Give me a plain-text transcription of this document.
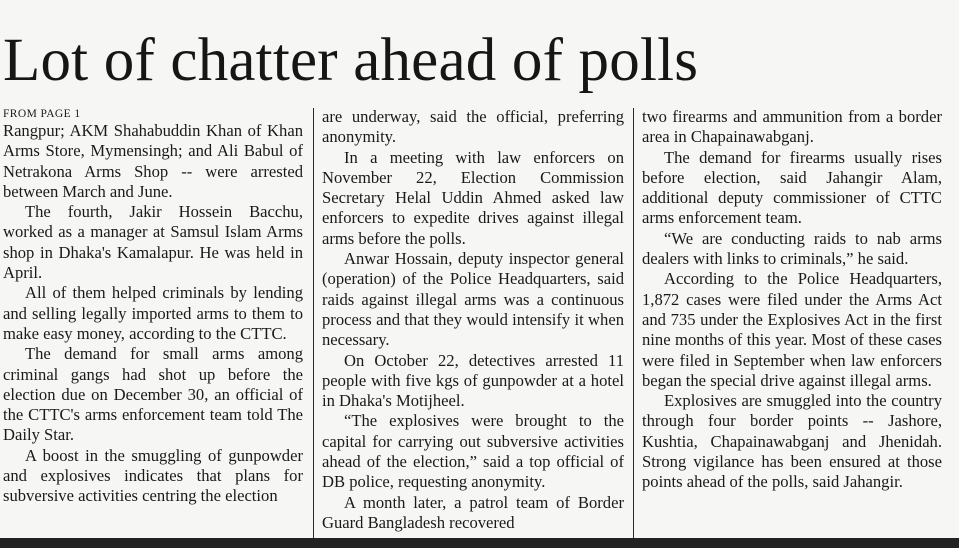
Lot of chatter ahead of polls
FROM PAGE 1

Rangpur; AKM Shahabuddin Khan of Khan Arms Store, Mymensingh; and Ali Babul of Netrakona Arms Shop -- were arrested between March and June.

The fourth, Jakir Hossein Bacchu, worked as a manager at Samsul Islam Arms shop in Dhaka's Kamalapur. He was held in April.

All of them helped criminals by lending and selling legally imported arms to them to make easy money, according to the CTTC.

The demand for small arms among criminal gangs had shot up before the election due on December 30, an official of the CTTC's arms enforcement team told The Daily Star.

A boost in the smuggling of gunpowder and explosives indicates that plans for subversive activities centring the election

are underway, said the official, preferring anonymity.

In a meeting with law enforcers on November 22, Election Commission Secretary Helal Uddin Ahmed asked law enforcers to expedite drives against illegal arms before the polls.

Anwar Hossain, deputy inspector general (operation) of the Police Headquarters, said raids against illegal arms was a continuous process and that they would intensify it when necessary.

On October 22, detectives arrested 11 people with five kgs of gunpowder at a hotel in Dhaka's Motijheel.

“The explosives were brought to the capital for carrying out subversive activities ahead of the election,” said a top official of DB police, requesting anonymity.

A month later, a patrol team of Border Guard Bangladesh recovered

two firearms and ammunition from a border area in Chapainawabganj.

The demand for firearms usually rises before election, said Jahangir Alam, additional deputy commissioner of CTTC arms enforcement team.

“We are conducting raids to nab arms dealers with links to criminals,” he said.

According to the Police Headquarters, 1,872 cases were filed under the Arms Act and 735 under the Explosives Act in the first nine months of this year. Most of these cases were filed in September when law enforcers began the special drive against illegal arms.

Explosives are smuggled into the country through four border points -- Jashore, Kushtia, Chapainawabganj and Jhenidah. Strong vigilance has been ensured at those points ahead of the polls, said Jahangir.
